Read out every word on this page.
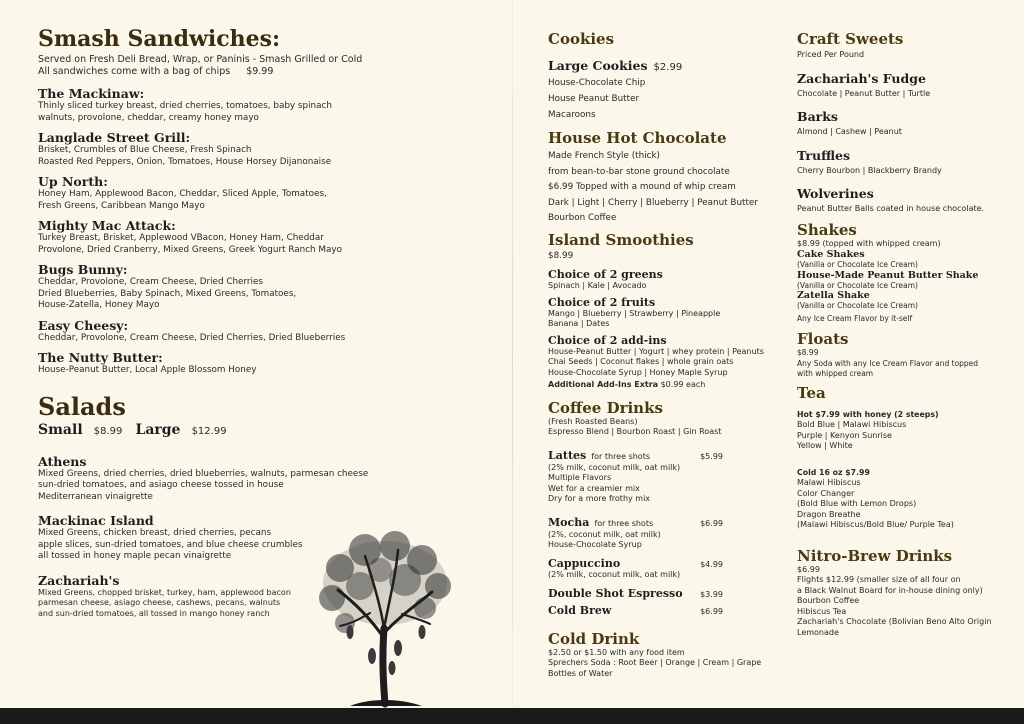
Smash Sandwiches:

Served on Fresh Deli Bread, Wrap, or Paninis - Smash Grilled or Cold

All sandwiches come with a bag of chips $9.99

The Mackinaw:

Thinly sliced turkey breast, dried cherries, tomatoes, baby spinach

walnuts, provolone, cheddar, creamy honey mayo

Langlade Street Grill:

Brisket, Crumbles of Blue Cheese, Fresh Spinach

Roasted Red Peppers, Onion, Tomatoes, House Horsey Dijanonaise

Up North:

Honey Ham, Applewood Bacon, Cheddar, Sliced Apple, Tomatoes,

Fresh Greens, Caribbean Mango Mayo

Mighty Mac Attack:

Turkey Breast, Brisket, Applewood VBacon, Honey Ham, Cheddar

Provolone, Dried Cranberry, Mixed Greens, Greek Yogurt Ranch Mayo

Bugs Bunny:

Cheddar, Provolone, Cream Cheese, Dried Cherries

Dried Blueberries, Baby Spinach, Mixed Greens, Tomatoes,

House-Zatella, Honey Mayo

Easy Cheesy:

Cheddar, Provolone, Cream Cheese, Dried Cherries, Dried Blueberries

The Nutty Butter:

House-Peanut Butter, Local Apple Blossom Honey

Salads
Small $8.99 Large $12.99
Athens

Mixed Greens, dried cherries, dried blueberries, walnuts, parmesan cheese

sun-dried tomatoes, and asiago cheese tossed in house

Mediterranean vinaigrette

Mackinac Island

Mixed Greens, chicken breast, dried cherries, pecans

apple slices, sun-dried tomatoes, and blue cheese crumbles

all tossed in honey maple pecan vinaigrette

Zachariah's

Mixed Greens, chopped brisket, turkey, ham, applewood bacon

parmesan cheese, asiago cheese, cashews, pecans, walnuts

and sun-dried tomatoes, all tossed in mango honey ranch

Cookies
Large Cookies $2.99

House-Chocolate Chip

House Peanut Butter

Macaroons

House Hot Chocolate

Made French Style (thick)

from bean-to-bar stone ground chocolate

$6.99 Topped with a mound of whip cream

Dark | Light | Cherry | Blueberry | Peanut Butter

Bourbon Coffee

Island Smoothies

$8.99

Choice of 2 greens

Spinach | Kale | Avocado

Choice of 2 fruits

Mango | Blueberry | Strawberry | Pineapple

Banana | Dates

Choice of 2 add-ins

House-Peanut Butter | Yogurt | whey protein | Peanuts

Chai Seeds | Coconut flakes | whole grain oats

House-Chocolate Syrup | Honey Maple Syrup

Additional Add-Ins Extra $0.99 each

Coffee Drinks

(Fresh Roasted Beans)

Espresso Blend | Bourbon Roast | Gin Roast

Lattes for three shots	$5.99

(2% milk, coconut milk, oat milk)

Multiple Flavors

Wet for a creamier mix

Dry for a more frothy mix

Mocha for three shots	$6.99

(2%, coconut milk, oat milk)

House-Chocolate Syrup

Cappuccino	$4.99

(2% milk, coconut milk, oat milk)

Double Shot Espresso $3.99
Cold Brew	$6.99
Cold Drink

$2.50 or $1.50 with any food item

Sprechers Soda : Root Beer | Orange | Cream | Grape

Bottles of Water

Craft Sweets

Priced Per Pound

Zachariah's Fudge

Chocolate | Peanut Butter | Turtle

Barks

Almond | Cashew | Peanut

Truffles

Cherry Bourbon | Blackberry Brandy

Wolverines

Peanut Butter Balls coated in house chocolate.

Shakes

$8.99 (topped with whipped cream)

Cake Shakes

(Vanilla or Chocolate Ice Cream)

House-Made Peanut Butter Shake

(Vanilla or Chocolate Ice Cream)

Zatella Shake

(Vanilla or Chocolate Ice Cream)

Any Ice Cream Flavor by it-self

Floats

$8.99

Any Soda with any Ice Cream Flavor and topped

with whipped cream

Tea

Hot $7.99 with honey (2 steeps)

Bold Blue | Malawi Hibiscus

Purple | Kenyon Sunrise

Yellow | White

Cold 16 oz $7.99

Malawi Hibiscus

Color Changer

(Bold Blue with Lemon Drops)

Dragon Breathe

(Malawi Hibiscus/Bold Blue/ Purple Tea)

Nitro-Brew Drinks

$6.99

Flights $12.99 (smaller size of all four on

a Black Walnut Board for in-house dining only)

Bourbon Coffee

Hibiscus Tea

Zachariah's Chocolate (Bolivian Beno Alto Origin

Lemonade
